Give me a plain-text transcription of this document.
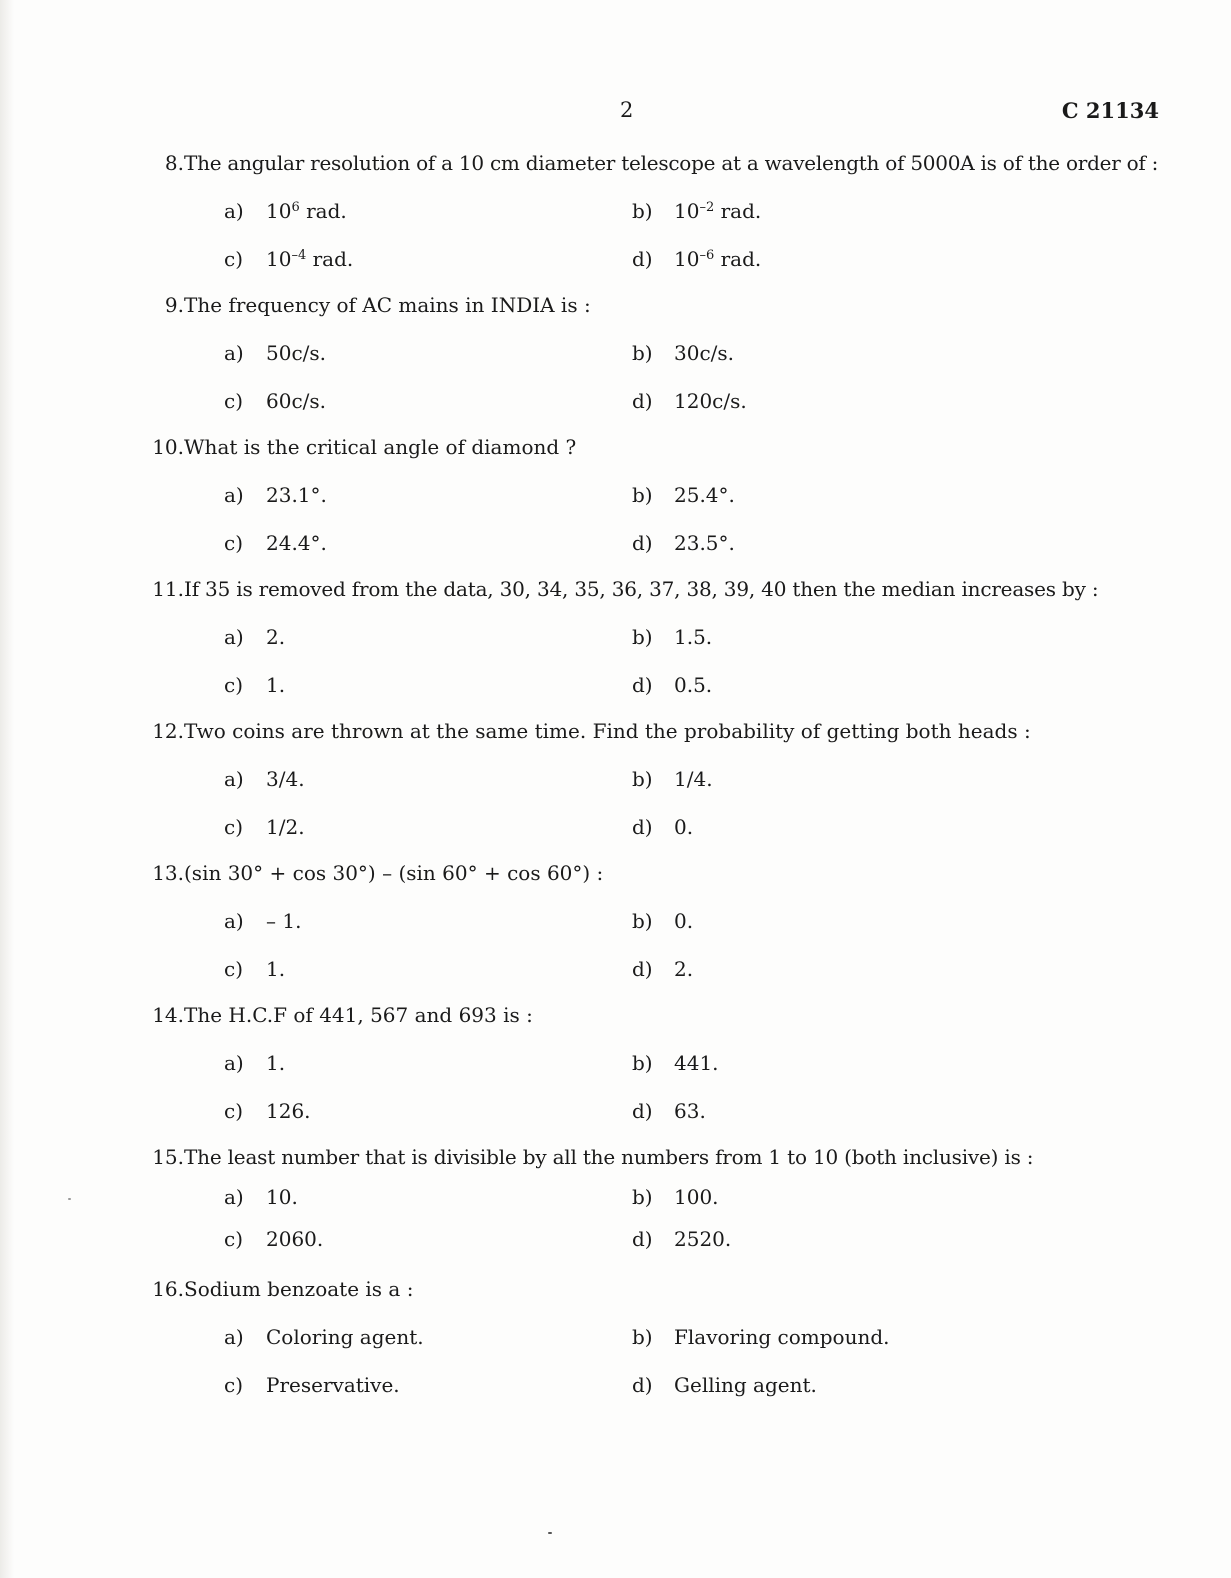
2	C 21134
8. The angular resolution of a 10 cm diameter telescope at a wavelength of 5000A is of the order of :
a)	$10^6$ rad.	b)	$10^{-2}$ rad.
c)	$10^{-4}$ rad.	d)	$10^{-6}$ rad.
9. The frequency of AC mains in INDIA is :
a)	50c/s.	b)	30c/s.
c)	60c/s.	d)	120c/s.
10. What is the critical angle of diamond ?
a)	23.1°.	b)	25.4°.
c)	24.4°.	d)	23.5°.
11. If 35 is removed from the data, 30, 34, 35, 36, 37, 38, 39, 40 then the median increases by :
a)	2.	b)	1.5.
c)	1.	d)	0.5.
12. Two coins are thrown at the same time. Find the probability of getting both heads :
a)	3/4.	b)	1/4.
c)	1/2.	d)	0.
13. (sin 30° + cos 30°) – (sin 60° + cos 60°) :
a)	– 1.	b)	0.
c)	1.	d)	2.
14. The H.C.F of 441, 567 and 693 is :
a)	1.	b)	441.
c)	126.	d)	63.
15. The least number that is divisible by all the numbers from 1 to 10 (both inclusive) is :
a)	10.	b)	100.
c)	2060.	d)	2520.
16. Sodium benzoate is a :
a)	Coloring agent.	b)	Flavoring compound.
c)	Preservative.	d)	Gelling agent.
